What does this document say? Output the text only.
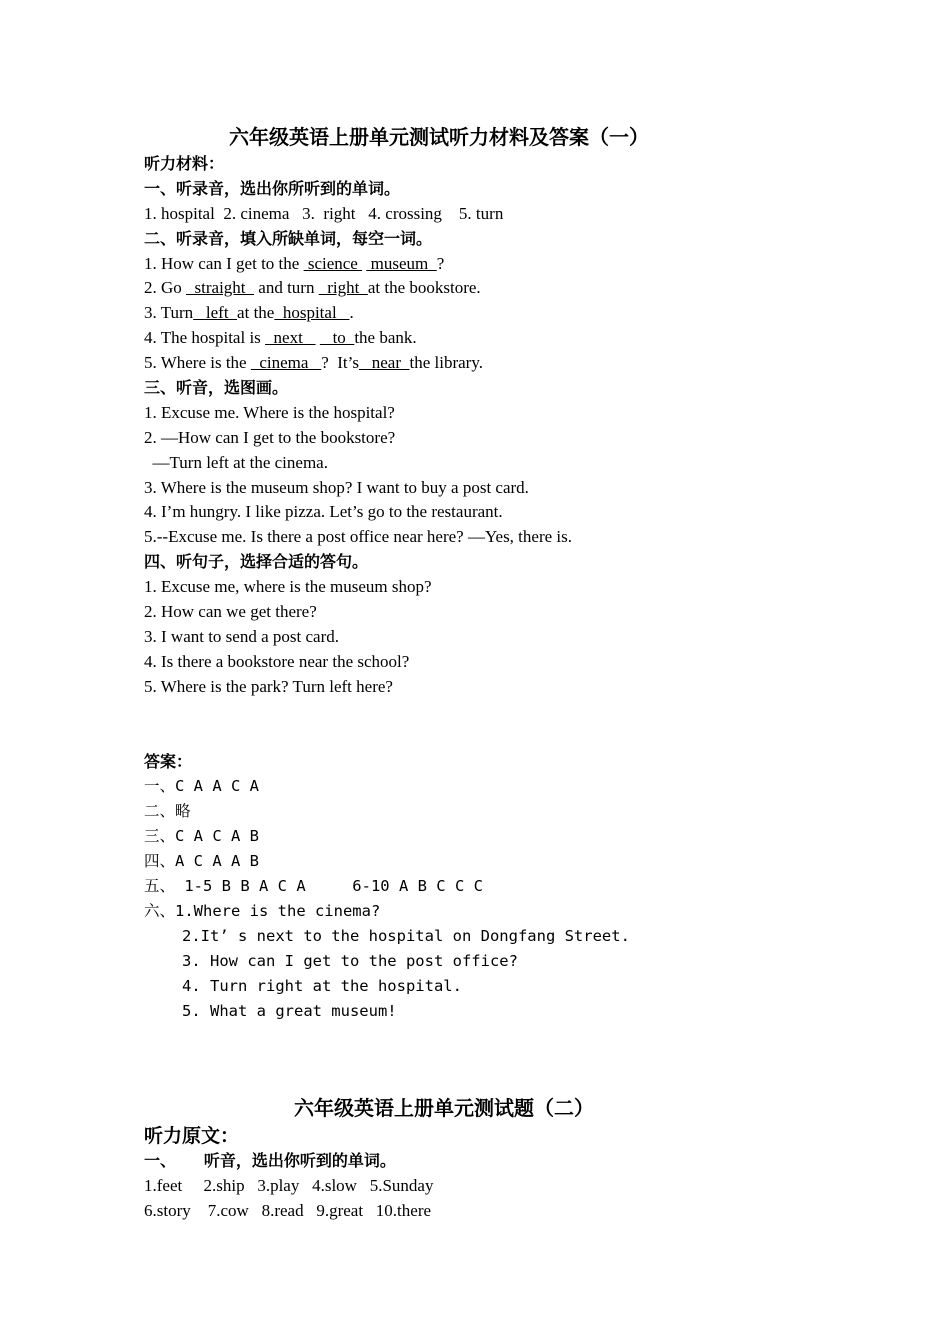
六年级英语上册单元测试听力材料及答案（一）
听力材料：
一、听录音，选出你所听到的单词。
1. hospital  2. cinema   3.  right   4. crossing    5. turn
二、听录音，填入所缺单词，每空一词。
1. How can I get to the  science   museum  ?
2. Go   straight   and turn   right  at the bookstore.
3. Turn   left  at the  hospital   .
4. The hospital is   next       to  the bank.
5. Where is the   cinema   ?  It’s   near  the library.
三、听音，选图画。
1. Excuse me. Where is the hospital?
2. —How can I get to the bookstore?
—Turn left at the cinema.
3. Where is the museum shop? I want to buy a post card.
4. I’m hungry. I like pizza. Let’s go to the restaurant.
5.--Excuse me. Is there a post office near here? —Yes, there is.
四、听句子，选择合适的答句。
1. Excuse me, where is the museum shop?
2. How can we get there?
3. I want to send a post card.
4. Is there a bookstore near the school?
5. Where is the park? Turn left here?
答案：
一、C A A C A
二、略
三、C A C A B
四、A C A A B
五、 1-5 B B A C A     6-10 A B C C C
六、1.Where is the cinema?
2.It’ s next to the hospital on Dongfang Street.
3. How can I get to the post office?
4. Turn right at the hospital.
5. What a great museum!
六年级英语上册单元测试题（二）
听力原文：
一、     听音，选出你听到的单词。
1.feet     2.ship   3.play   4.slow   5.Sunday
6.story    7.cow   8.read   9.great   10.there
